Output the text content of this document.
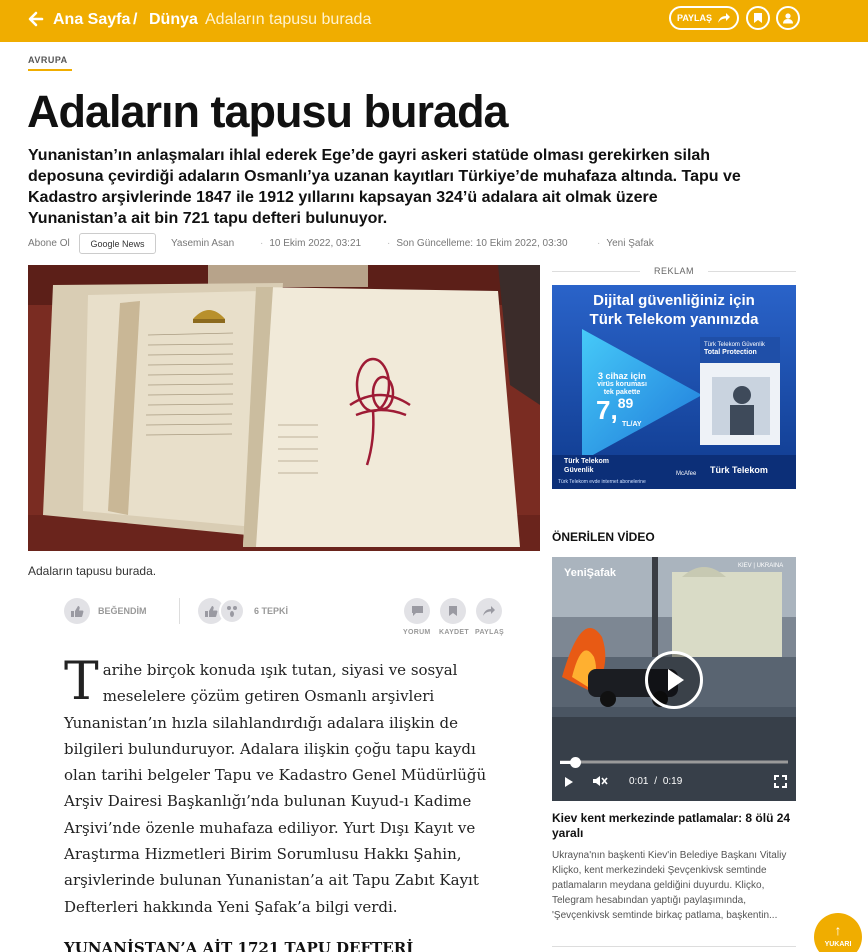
Ana Sayfa / Dünya Adaların tapusu burada	PAYLAŞ
AVRUPA
Adaların tapusu burada

Yunanistan’ın anlaşmaları ihlal ederek Ege’de gayri askeri statüde olması gerekirken silah deposuna çevirdiği adaların Osmanlı’ya uzanan kayıtları Türkiye’de muhafaza altında. Tapu ve Kadastro arşivlerinde 1847 ile 1912 yıllarını kapsayan 324’ü adalara ait olmak üzere Yunanistan’a ait bin 721 tapu defteri bulunuyor.

Abone Ol Google News	Yasemin Asan	· 10 Ekim 2022, 03:21	· Son Güncelleme: 10 Ekim 2022, 03:30	· Yeni Şafak
Adaların tapusu burada.
BEĞENDİM	6 TEPKİ
YORUM KAYDET PAYLAŞ
Tarihe birçok konuda ışık tutan, siyasi ve sosyal meselelere çözüm getiren Osmanlı arşivleri Yunanistan’ın hızla silahlandırdığı adalara ilişkin de bilgileri bulunduruyor. Adalara ilişkin çoğu tapu kaydı olan tarihi belgeler Tapu ve Kadastro Genel Müdürlüğü Arşiv Dairesi Başkanlığı’nda bulunan Kuyud-ı Kadime Arşivi’nde özenle muhafaza ediliyor. Yurt Dışı Kayıt ve Araştırma Hizmetleri Birim Sorumlusu Hakkı Şahin, arşivlerinde bulunan Yunanistan’a ait Tapu Zabıt Kayıt Defterleri hakkında Yeni Şafak’a bilgi verdi.
YUNANİSTAN’A AİT 1721 TAPU DEFTERİ
REKLAM
Dijital güvenliğiniz için
Türk Telekom yanınızda
3 cihaz için
virüs koruması
tek pakette
7,89
TL/AY
Türk Telekom Güvenlik
Total Protection
Türk Telekom Güvenlik	McAfee Türk Telekom
Türk Telekom evde internet abonelerine
ÖNERİLEN VİDEO
YeniŞafak
KIEV | UKRAINA
0:01 / 0:19
Kiev kent merkezinde patlamalar: 8 ölü 24 yaralı
Ukrayna'nın başkenti Kiev'in Belediye Başkanı Vitaliy Kliçko, kent merkezindeki Şevçenkivsk semtinde patlamaların meydana geldiğini duyurdu. Kliçko, Telegram hesabından yaptığı paylaşımında, 'Şevçenkivsk semtinde birkaç patlama, başkentin...
↑
YUKARI
